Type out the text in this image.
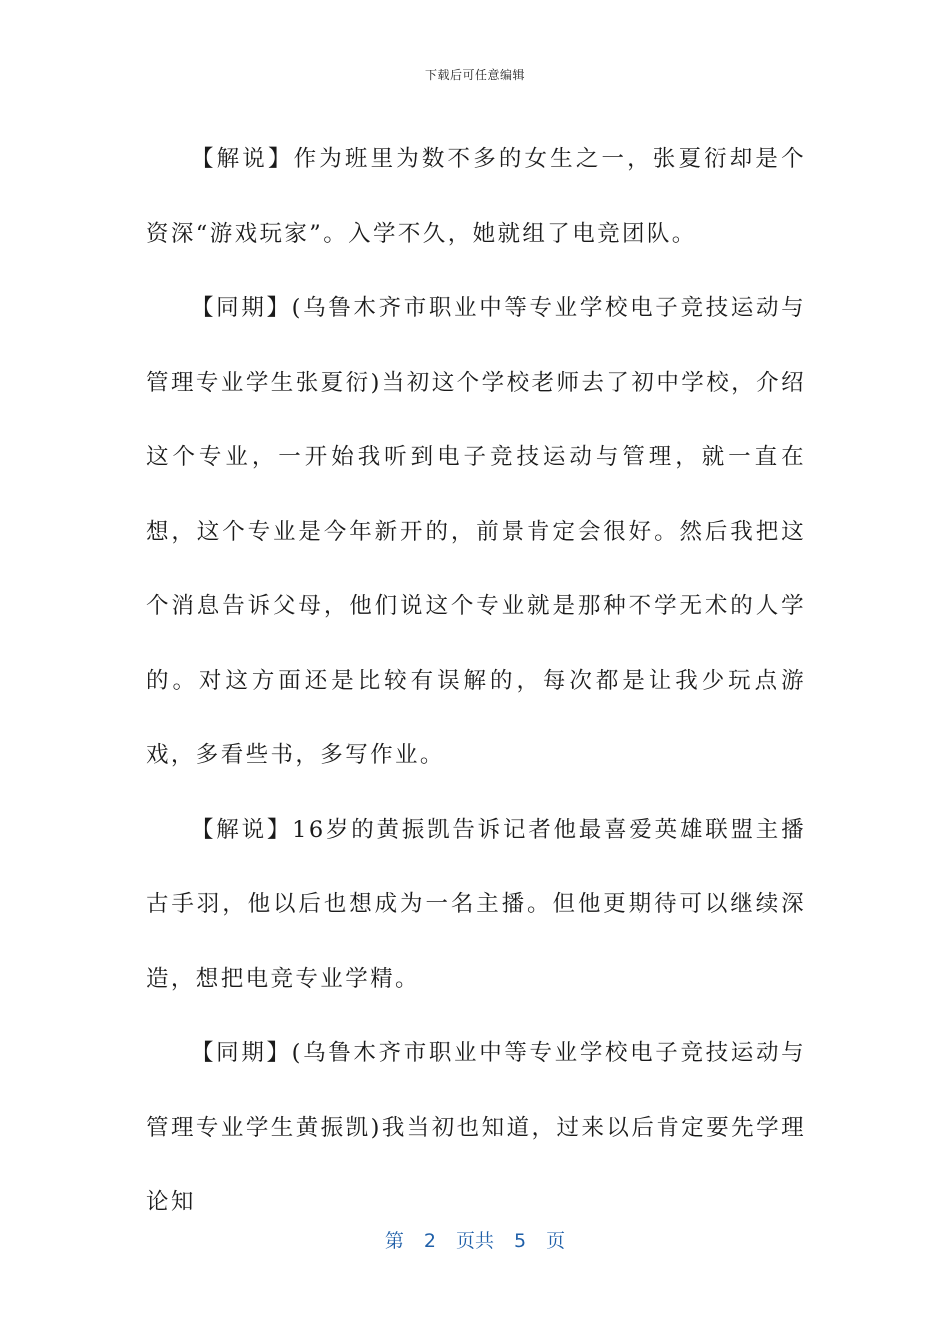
下载后可任意编辑

【解说】作为班里为数不多的女生之一，张夏衍却是个资深“游戏玩家”。入学不久，她就组了电竞团队。

【同期】(乌鲁木齐市职业中等专业学校电子竞技运动与管理专业学生张夏衍)当初这个学校老师去了初中学校，介绍这个专业，一开始我听到电子竞技运动与管理，就一直在想，这个专业是今年新开的，前景肯定会很好。然后我把这个消息告诉父母，他们说这个专业就是那种不学无术的人学的。对这方面还是比较有误解的，每次都是让我少玩点游戏，多看些书，多写作业。

【解说】16岁的黄振凯告诉记者他最喜爱英雄联盟主播古手羽，他以后也想成为一名主播。但他更期待可以继续深造，想把电竞专业学精。

【同期】(乌鲁木齐市职业中等专业学校电子竞技运动与管理专业学生黄振凯)我当初也知道，过来以后肯定要先学理论知

第 2 页共 5 页
